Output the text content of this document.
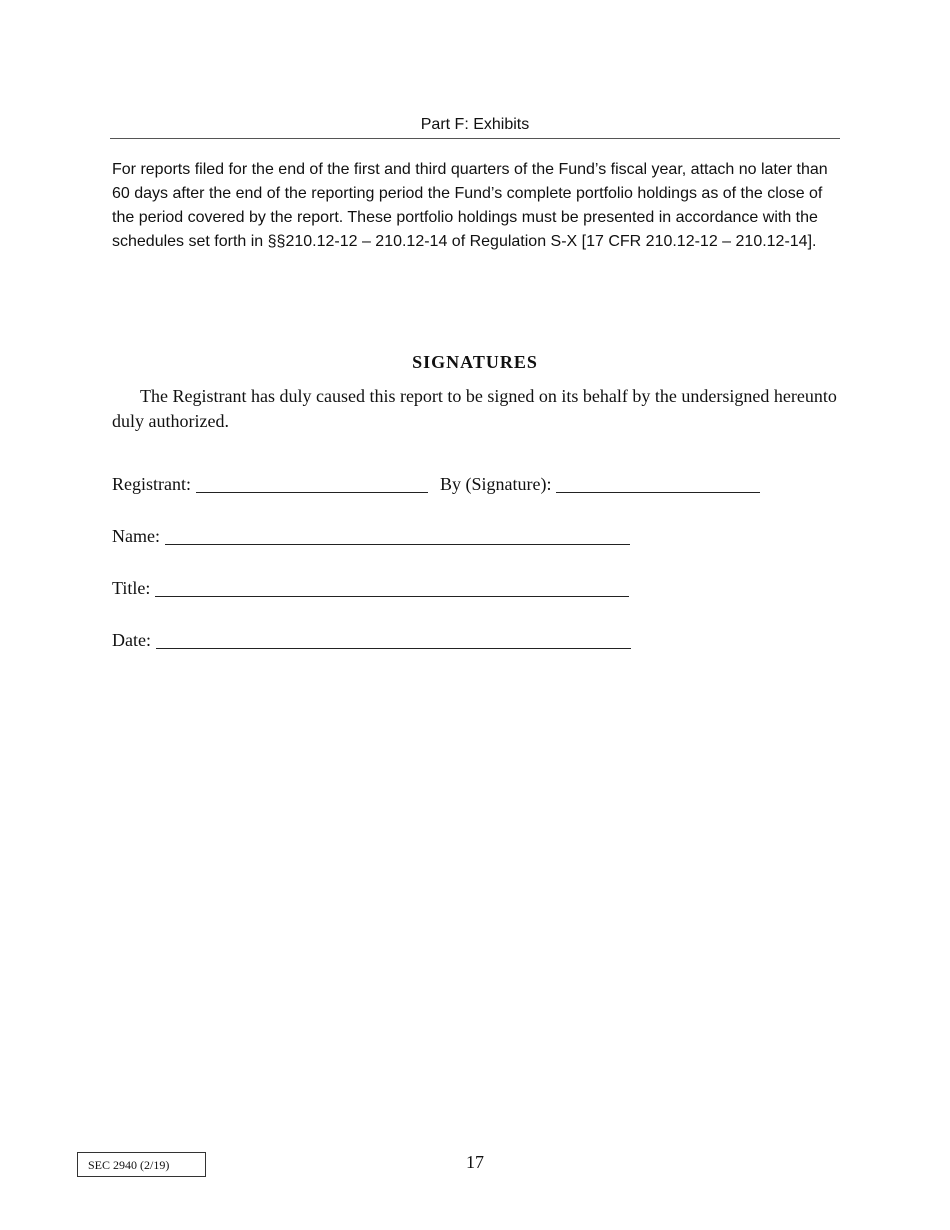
Part F: Exhibits

For reports filed for the end of the first and third quarters of the Fund’s fiscal year, attach no later than 60 days after the end of the reporting period the Fund’s complete portfolio holdings as of the close of the period covered by the report. These portfolio holdings must be presented in accordance with the schedules set forth in §§210.12-12 – 210.12-14 of Regulation S-X [17 CFR 210.12-12 – 210.12-14].

SIGNATURES

The Registrant has duly caused this report to be signed on its behalf by the undersigned hereunto duly authorized.

Registrant:	By (Signature):
Name:
Title:
Date:
SEC 2940 (2/19)	17
